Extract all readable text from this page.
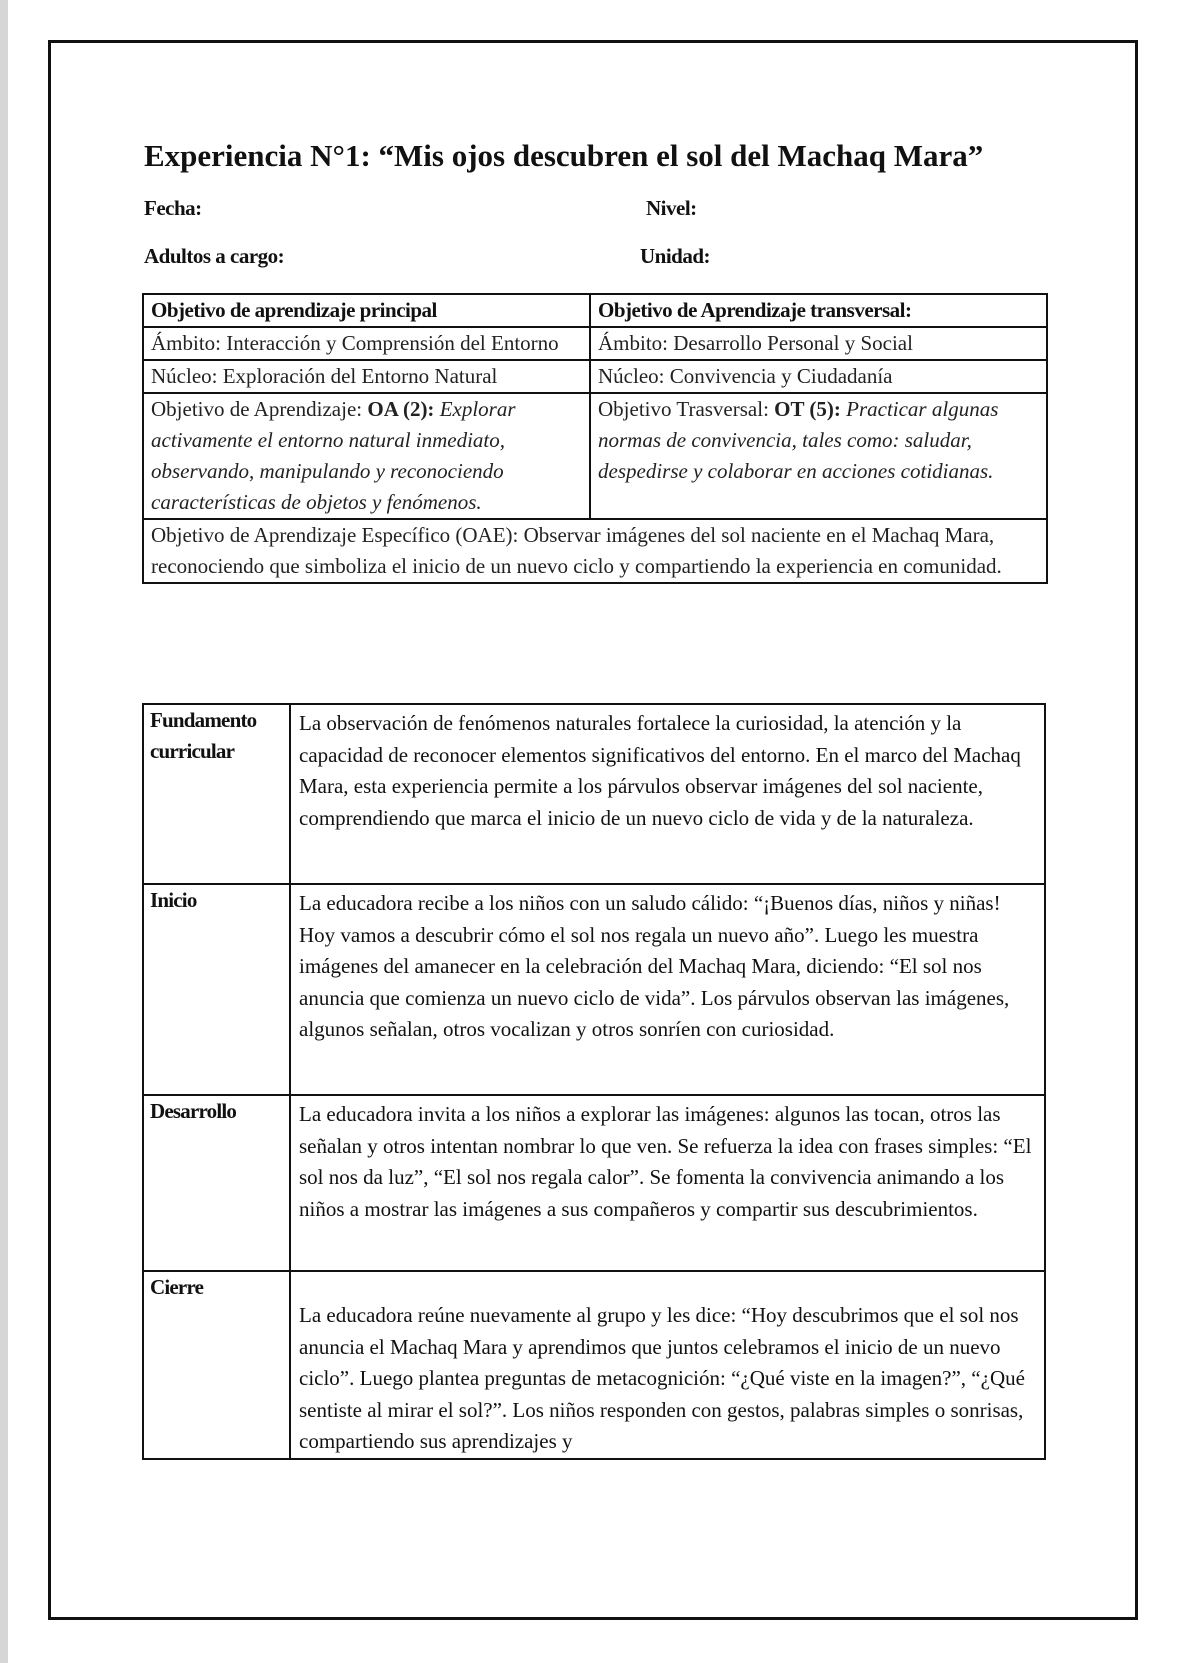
Experiencia N°1: “Mis ojos descubren el sol del Machaq Mara”
Fecha:	Nivel:
Adultos a cargo:	Unidad:
Objetivo de aprendizaje principal	Objetivo de Aprendizaje transversal:
Ámbito: Interacción y Comprensión del Entorno	Ámbito: Desarrollo Personal y Social
Núcleo: Exploración del Entorno Natural	Núcleo: Convivencia y Ciudadanía
Objetivo de Aprendizaje: OA (2): Explorar activamente el entorno natural inmediato, observando, manipulando y reconociendo características de objetos y fenómenos.	Objetivo Trasversal: OT (5): Practicar algunas normas de convivencia, tales como: saludar, despedirse y colaborar en acciones cotidianas.
Objetivo de Aprendizaje Específico (OAE): Observar imágenes del sol naciente en el Machaq Mara, reconociendo que simboliza el inicio de un nuevo ciclo y compartiendo la experiencia en comunidad.	
Fundamento curricular	La observación de fenómenos naturales fortalece la curiosidad, la atención y la capacidad de reconocer elementos significativos del entorno. En el marco del Machaq Mara, esta experiencia permite a los párvulos observar imágenes del sol naciente, comprendiendo que marca el inicio de un nuevo ciclo de vida y de la naturaleza.
Inicio	La educadora recibe a los niños con un saludo cálido: “¡Buenos días, niños y niñas! Hoy vamos a descubrir cómo el sol nos regala un nuevo año”. Luego les muestra imágenes del amanecer en la celebración del Machaq Mara, diciendo: “El sol nos anuncia que comienza un nuevo ciclo de vida”. Los párvulos observan las imágenes, algunos señalan, otros vocalizan y otros sonríen con curiosidad.
Desarrollo	La educadora invita a los niños a explorar las imágenes: algunos las tocan, otros las señalan y otros intentan nombrar lo que ven. Se refuerza la idea con frases simples: “El sol nos da luz”, “El sol nos regala calor”. Se fomenta la convivencia animando a los niños a mostrar las imágenes a sus compañeros y compartir sus descubrimientos.
Cierre	La educadora reúne nuevamente al grupo y les dice: “Hoy descubrimos que el sol nos anuncia el Machaq Mara y aprendimos que juntos celebramos el inicio de un nuevo ciclo”. Luego plantea preguntas de metacognición: “¿Qué viste en la imagen?”, “¿Qué sentiste al mirar el sol?”. Los niños responden con gestos, palabras simples o sonrisas, compartiendo sus aprendizajes y
